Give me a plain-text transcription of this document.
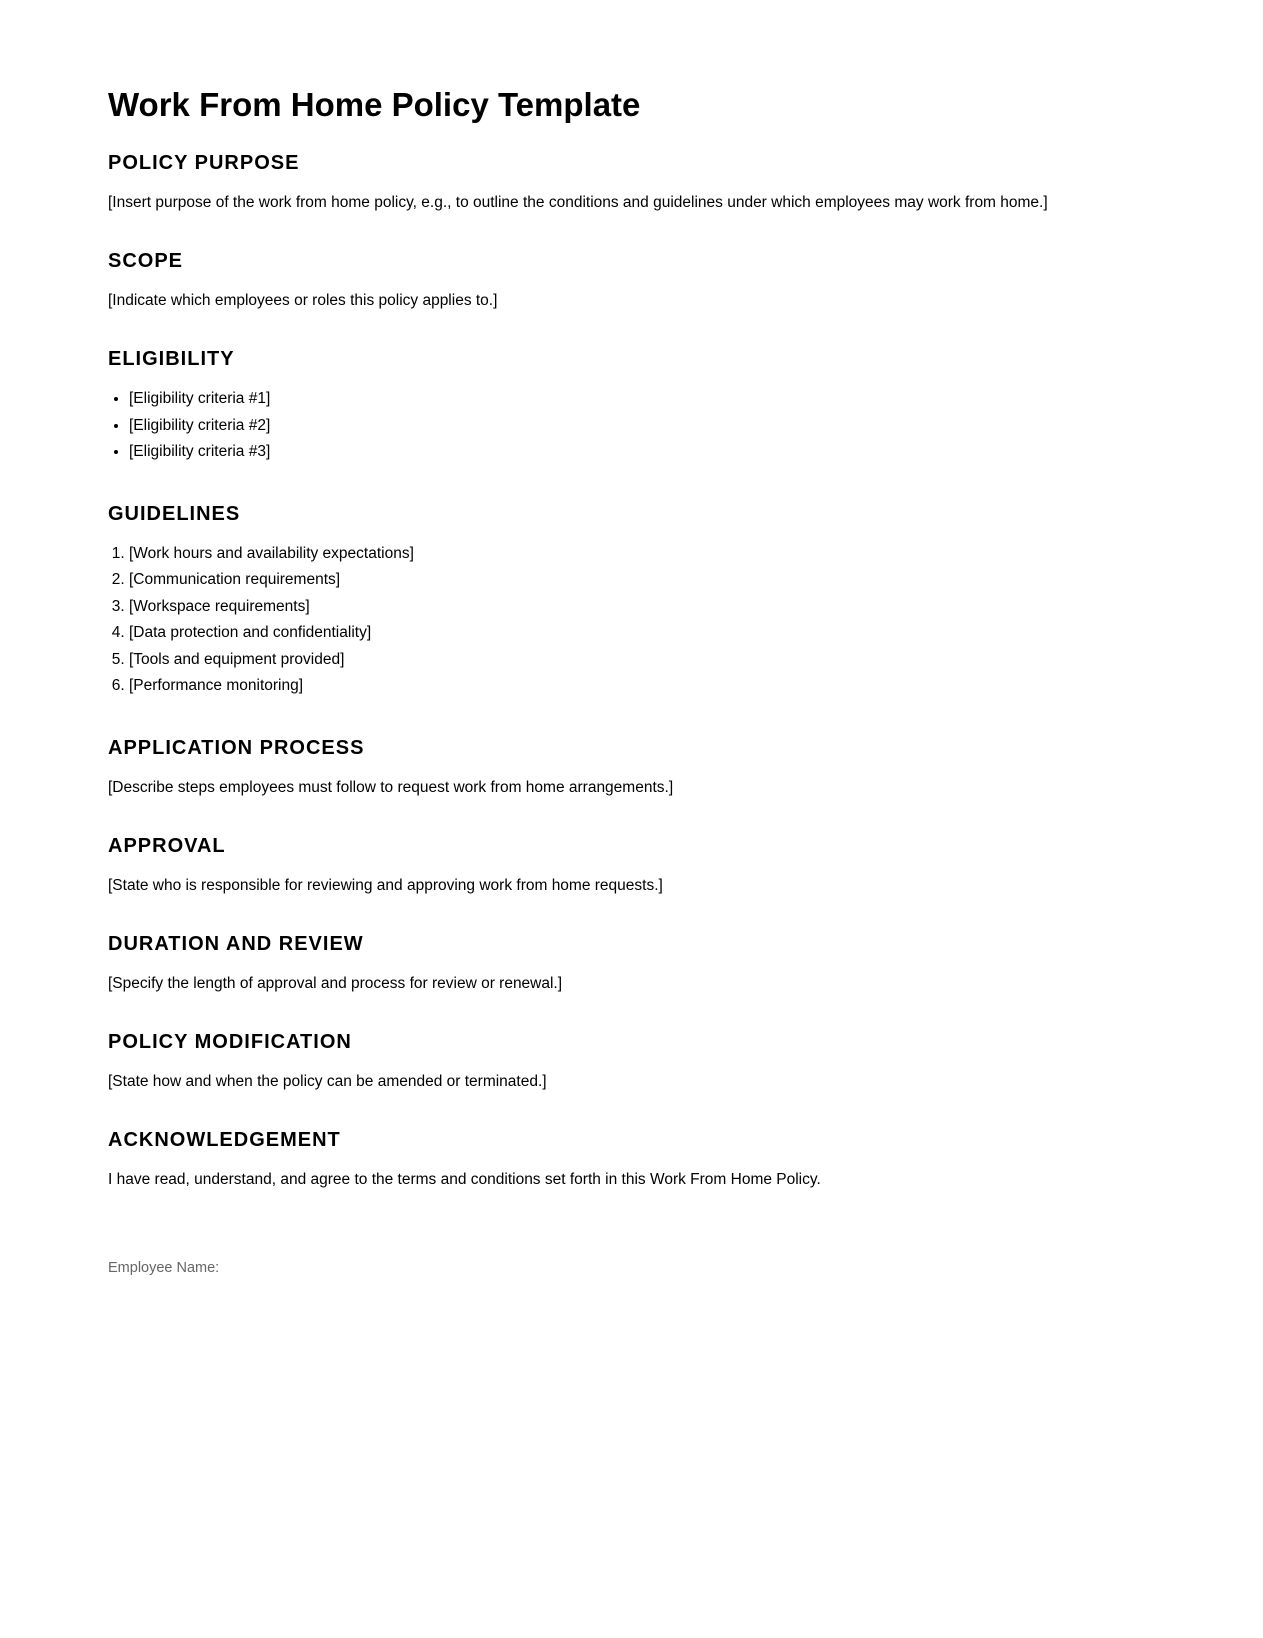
Work From Home Policy Template
POLICY PURPOSE

[Insert purpose of the work from home policy, e.g., to outline the conditions and guidelines under which employees may work from home.]

SCOPE

[Indicate which employees or roles this policy applies to.]

ELIGIBILITY
• [Eligibility criteria #1]
• [Eligibility criteria #2]
• [Eligibility criteria #3]
GUIDELINES
1. [Work hours and availability expectations]
2. [Communication requirements]
3. [Workspace requirements]
4. [Data protection and confidentiality]
5. [Tools and equipment provided]
6. [Performance monitoring]
APPLICATION PROCESS

[Describe steps employees must follow to request work from home arrangements.]

APPROVAL

[State who is responsible for reviewing and approving work from home requests.]

DURATION AND REVIEW

[Specify the length of approval and process for review or renewal.]

POLICY MODIFICATION

[State how and when the policy can be amended or terminated.]

ACKNOWLEDGEMENT

I have read, understand, and agree to the terms and conditions set forth in this Work From Home Policy.

Employee Name:
